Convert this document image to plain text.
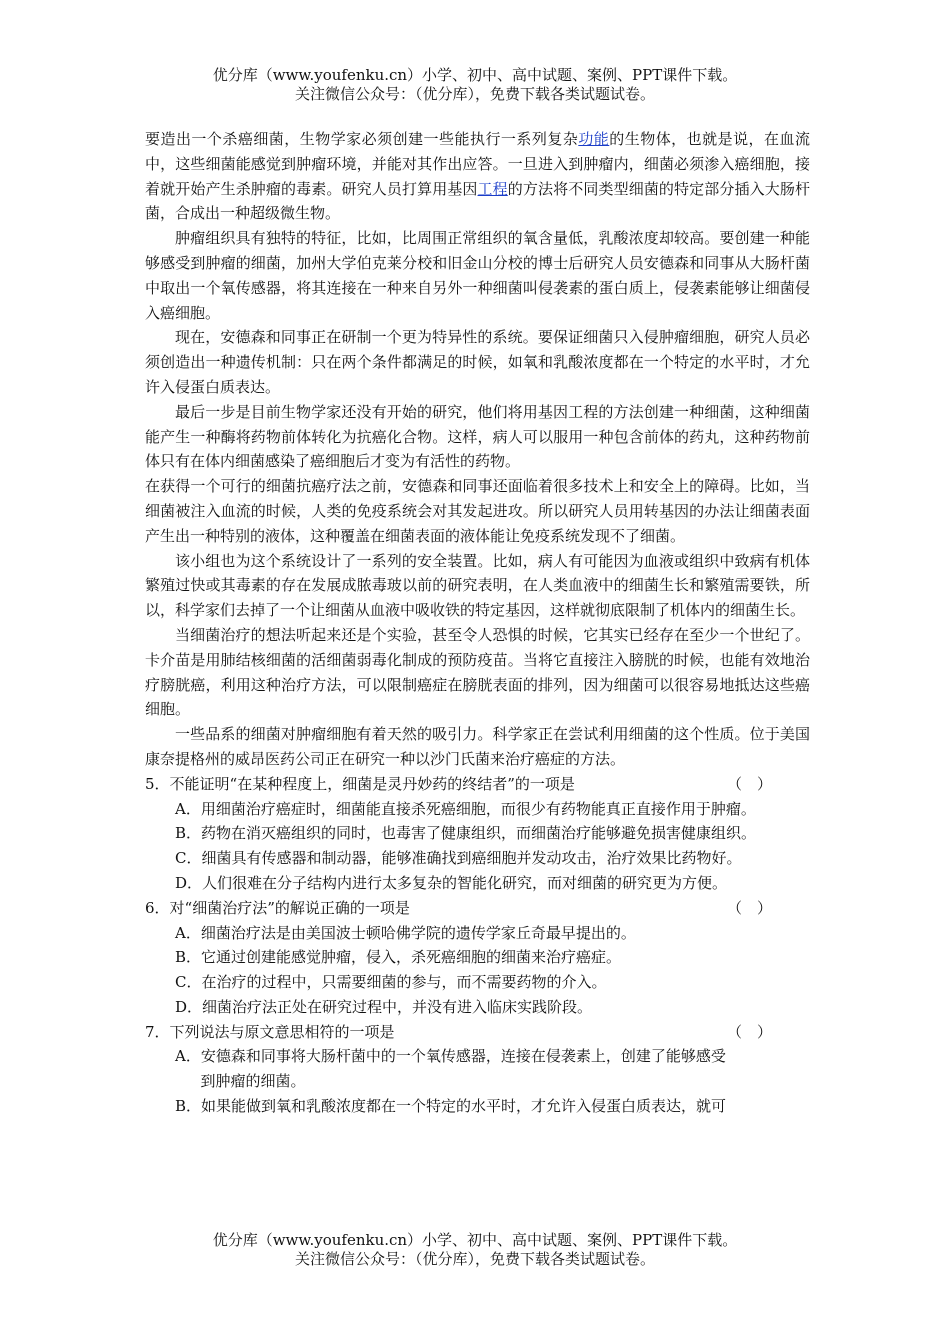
优分库（www.youfenku.cn）小学、初中、高中试题、案例、PPT课件下载。
关注微信公众号：（优分库），免费下载各类试题试卷。

要造出一个杀癌细菌，生物学家必须创建一些能执行一系列复杂功能的生物体，也就是说，在血流中，这些细菌能感觉到肿瘤环境，并能对其作出应答。一旦进入到肿瘤内，细菌必须渗入癌细胞，接着就开始产生杀肿瘤的毒素。研究人员打算用基因工程的方法将不同类型细菌的特定部分插入大肠杆菌，合成出一种超级微生物。

肿瘤组织具有独特的特征，比如，比周围正常组织的氧含量低，乳酸浓度却较高。要创建一种能够感受到肿瘤的细菌，加州大学伯克莱分校和旧金山分校的博士后研究人员安德森和同事从大肠杆菌中取出一个氧传感器，将其连接在一种来自另外一种细菌叫侵袭素的蛋白质上，侵袭素能够让细菌侵入癌细胞。

现在，安德森和同事正在研制一个更为特异性的系统。要保证细菌只入侵肿瘤细胞，研究人员必须创造出一种遗传机制：只在两个条件都满足的时候，如氧和乳酸浓度都在一个特定的水平时，才允许入侵蛋白质表达。

最后一步是目前生物学家还没有开始的研究，他们将用基因工程的方法创建一种细菌，这种细菌能产生一种酶将药物前体转化为抗癌化合物。这样，病人可以服用一种包含前体的药丸，这种药物前体只有在体内细菌感染了癌细胞后才变为有活性的药物。

在获得一个可行的细菌抗癌疗法之前，安德森和同事还面临着很多技术上和安全上的障碍。比如，当细菌被注入血流的时候，人类的免疫系统会对其发起进攻。所以研究人员用转基因的办法让细菌表面产生出一种特别的液体，这种覆盖在细菌表面的液体能让免疫系统发现不了细菌。

该小组也为这个系统设计了一系列的安全装置。比如，病人有可能因为血液或组织中致病有机体繁殖过快或其毒素的存在发展成脓毒玻以前的研究表明，在人类血液中的细菌生长和繁殖需要铁，所以，科学家们去掉了一个让细菌从血液中吸收铁的特定基因，这样就彻底限制了机体内的细菌生长。

当细菌治疗的想法听起来还是个实验，甚至令人恐惧的时候，它其实已经存在至少一个世纪了。卡介苗是用肺结核细菌的活细菌弱毒化制成的预防疫苗。当将它直接注入膀胱的时候，也能有效地治疗膀胱癌，利用这种治疗方法，可以限制癌症在膀胱表面的排列，因为细菌可以很容易地抵达这些癌细胞。

一些品系的细菌对肿瘤细胞有着天然的吸引力。科学家正在尝试利用细菌的这个性质。位于美国康奈提格州的威昂医药公司正在研究一种以沙门氏菌来治疗癌症的方法。

5．不能证明“在某种程度上，细菌是灵丹妙药的终结者”的一项是	（　）

A．用细菌治疗癌症时，细菌能直接杀死癌细胞，而很少有药物能真正直接作用于肿瘤。

B．药物在消灭癌组织的同时，也毒害了健康组织，而细菌治疗能够避免损害健康组织。

C．细菌具有传感器和制动器，能够准确找到癌细胞并发动攻击，治疗效果比药物好。

D．人们很难在分子结构内进行太多复杂的智能化研究，而对细菌的研究更为方便。

6．对“细菌治疗法”的解说正确的一项是	（　）

A．细菌治疗法是由美国波士顿哈佛学院的遗传学家丘奇最早提出的。

B．它通过创建能感觉肿瘤，侵入，杀死癌细胞的细菌来治疗癌症。

C．在治疗的过程中，只需要细菌的参与，而不需要药物的介入。

D．细菌治疗法正处在研究过程中，并没有进入临床实践阶段。

7．下列说法与原文意思相符的一项是	（　）

A．安德森和同事将大肠杆菌中的一个氧传感器，连接在侵袭素上，创建了能够感受
到肿瘤的细菌。

B．如果能做到氧和乳酸浓度都在一个特定的水平时，才允许入侵蛋白质表达，就可

优分库（www.youfenku.cn）小学、初中、高中试题、案例、PPT课件下载。
关注微信公众号：（优分库），免费下载各类试题试卷。
